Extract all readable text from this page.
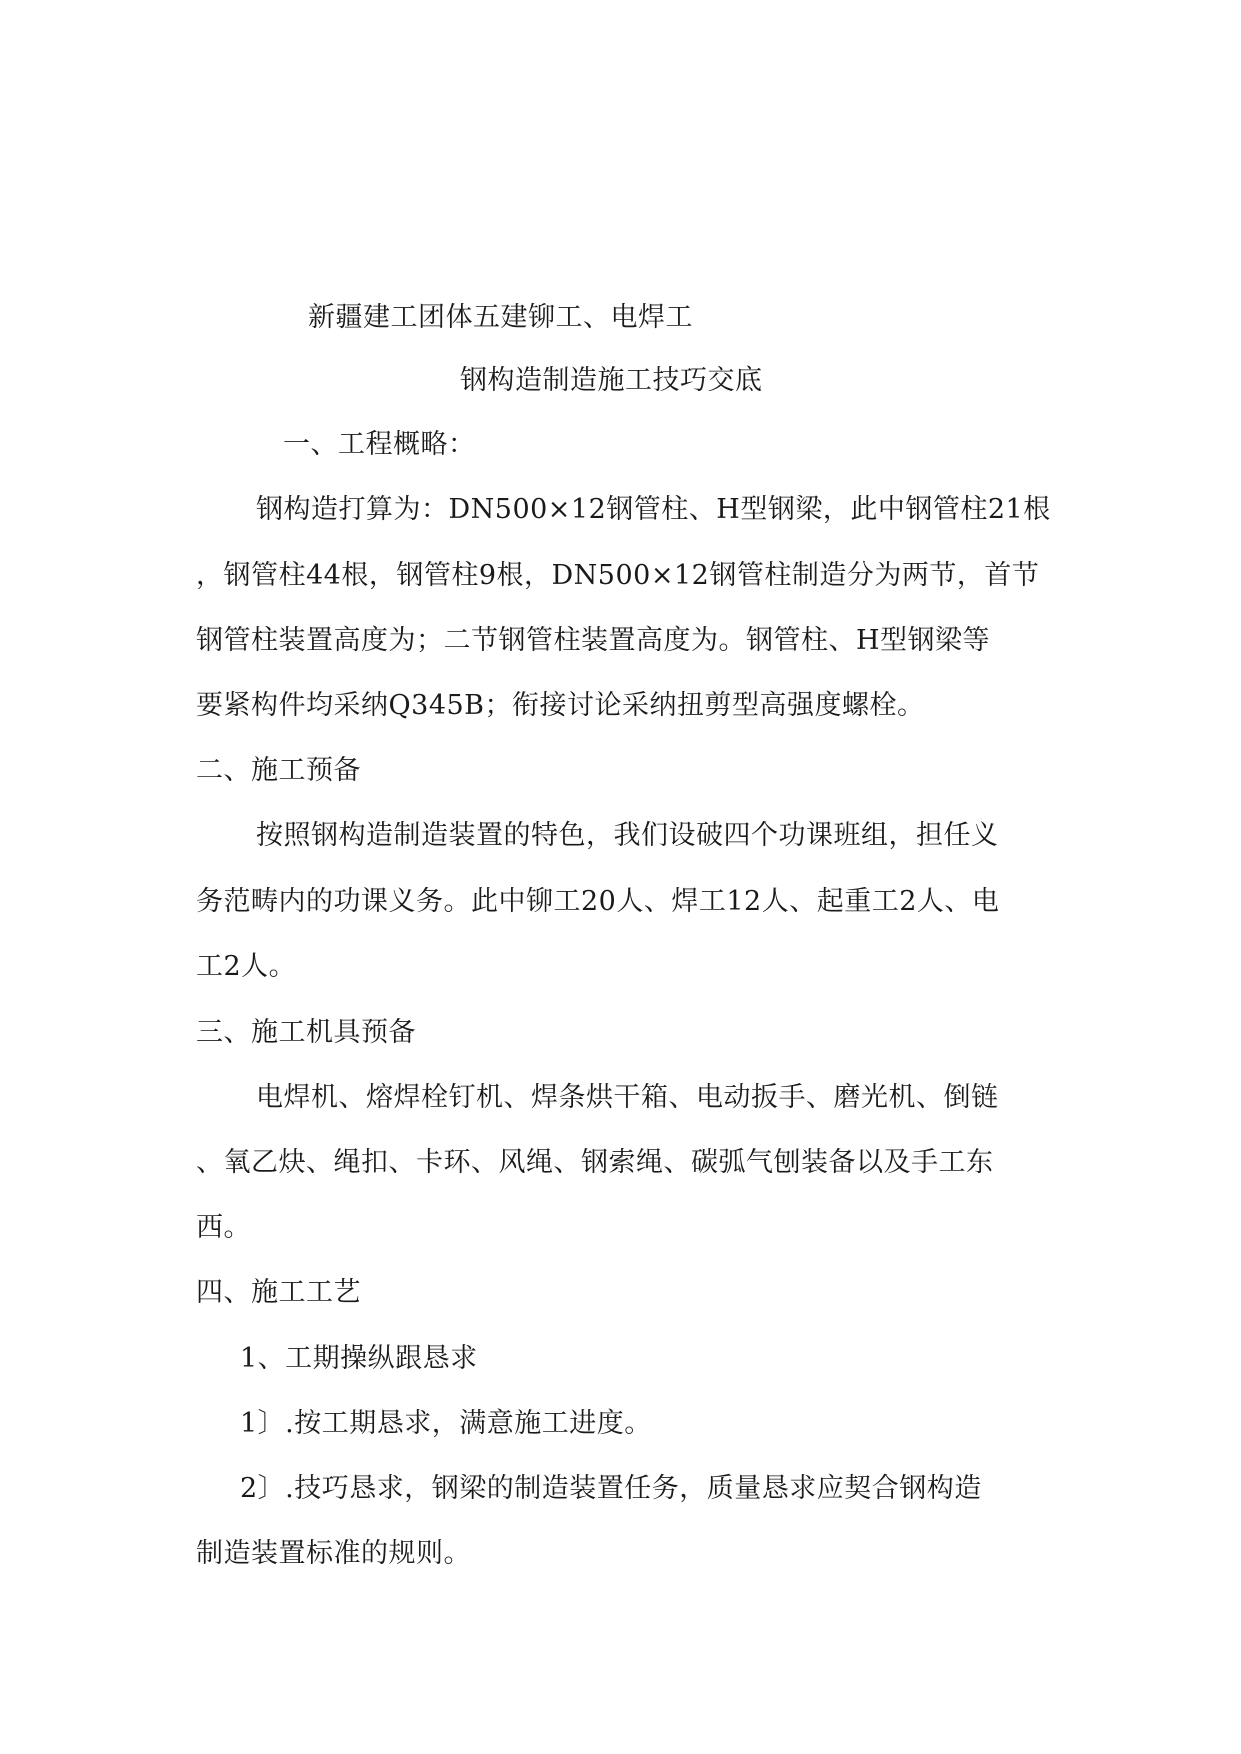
新疆建工团体五建铆工、电焊工

钢构造制造施工技巧交底

一、工程概略：

钢构造打算为：DN500×12钢管柱、H型钢梁，此中钢管柱21根

，钢管柱44根，钢管柱9根，DN500×12钢管柱制造分为两节，首节

钢管柱装置高度为；二节钢管柱装置高度为。钢管柱、H型钢梁等

要紧构件均采纳Q345B；衔接讨论采纳扭剪型高强度螺栓。

二、施工预备

按照钢构造制造装置的特色，我们设破四个功课班组，担任义

务范畴内的功课义务。此中铆工20人、焊工12人、起重工2人、电

工2人。

三、施工机具预备

电焊机、熔焊栓钉机、焊条烘干箱、电动扳手、磨光机、倒链

、氧乙炔、绳扣、卡环、风绳、钢索绳、碳弧气刨装备以及手工东

西。

四、施工工艺

1、工期操纵跟恳求

1〕.按工期恳求，满意施工进度。

2〕.技巧恳求，钢梁的制造装置任务，质量恳求应契合钢构造

制造装置标准的规则。
